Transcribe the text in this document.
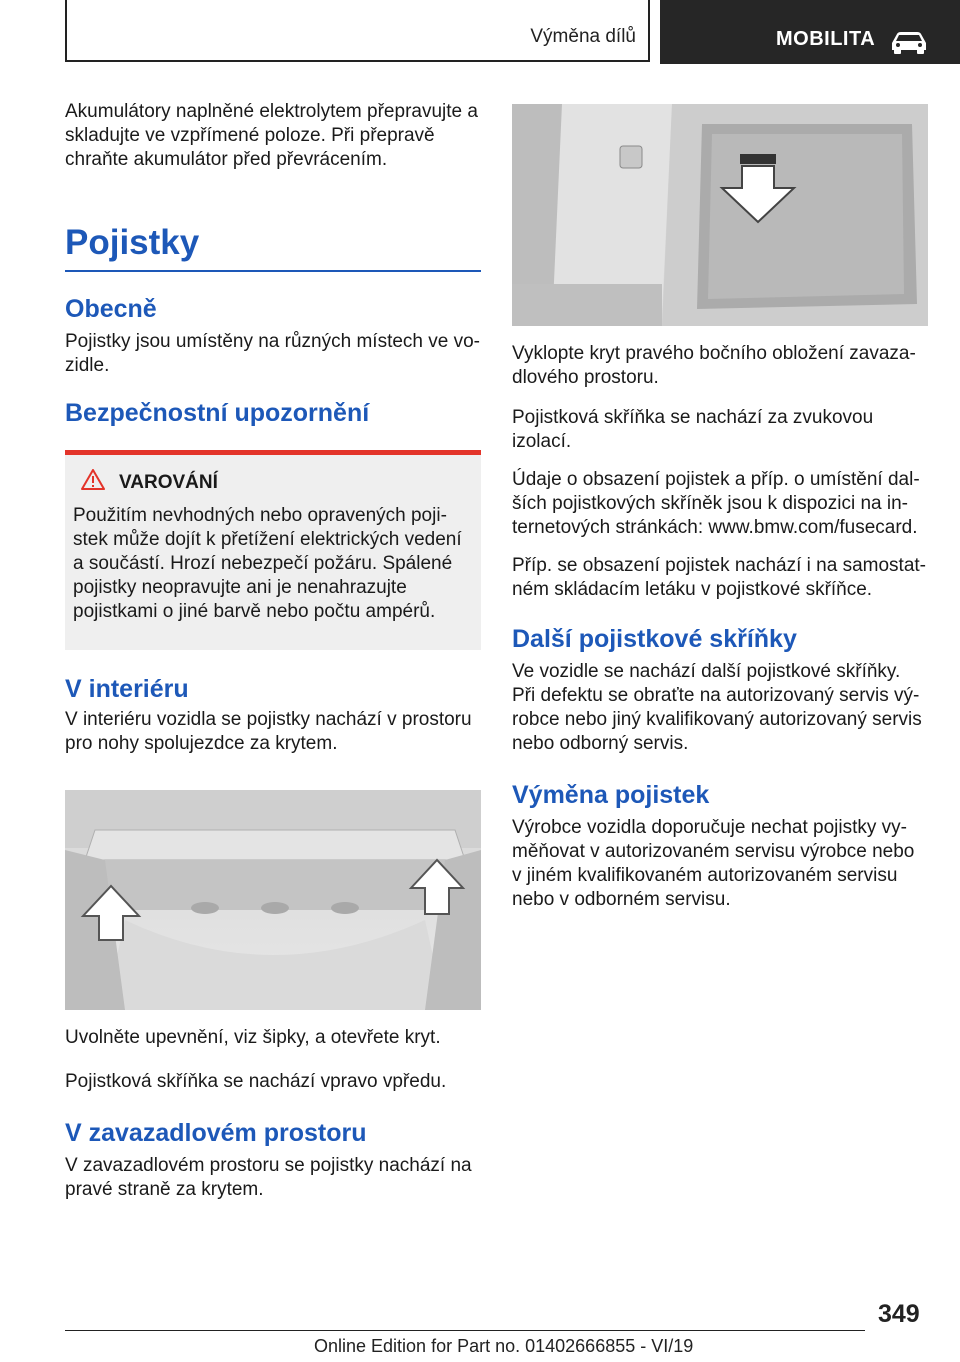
Výměna dílů	MOBILITA

Akumulátory naplněné elektrolytem přepravujte a skladujte ve vzpřímené poloze. Při přepravě chraňte akumulátor před převrácením.

Pojistky
Obecně

Pojistky jsou umístěny na různých místech ve vozidle.

Bezpečnostní upozornění
VAROVÁNÍ

Použitím nevhodných nebo opravených pojistek může dojít k přetížení elektrických vedení a součástí. Hrozí nebezpečí požáru. Spálené pojistky neopravujte ani je nenahrazujte pojistkami o jiné barvě nebo počtu ampérů.

V interiéru

V interiéru vozidla se pojistky nachází v prostoru pro nohy spolujezdce za krytem.

Uvolněte upevnění, viz šipky, a otevřete kryt.

Pojistková skříňka se nachází vpravo vpředu.

V zavazadlovém prostoru

V zavazadlovém prostoru se pojistky nachází na pravé straně za krytem.

Vyklopte kryt pravého bočního obložení zavazadlového prostoru.

Pojistková skříňka se nachází za zvukovou izolací.

Údaje o obsazení pojistek a příp. o umístění dalších pojistkových skříněk jsou k dispozici na internetových stránkách: www.bmw.com/fusecard.

Příp. se obsazení pojistek nachází i na samostatném skládacím letáku v pojistkové skříňce.

Další pojistkové skříňky

Ve vozidle se nachází další pojistkové skříňky. Při defektu se obraťte na autorizovaný servis výrobce nebo jiný kvalifikovaný autorizovaný servis nebo odborný servis.

Výměna pojistek

Výrobce vozidla doporučuje nechat pojistky vyměňovat v autorizovaném servisu výrobce nebo v jiném kvalifikovaném autorizovaném servisu nebo v odborném servisu.

349
Online Edition for Part no. 01402666855 - VI/19
